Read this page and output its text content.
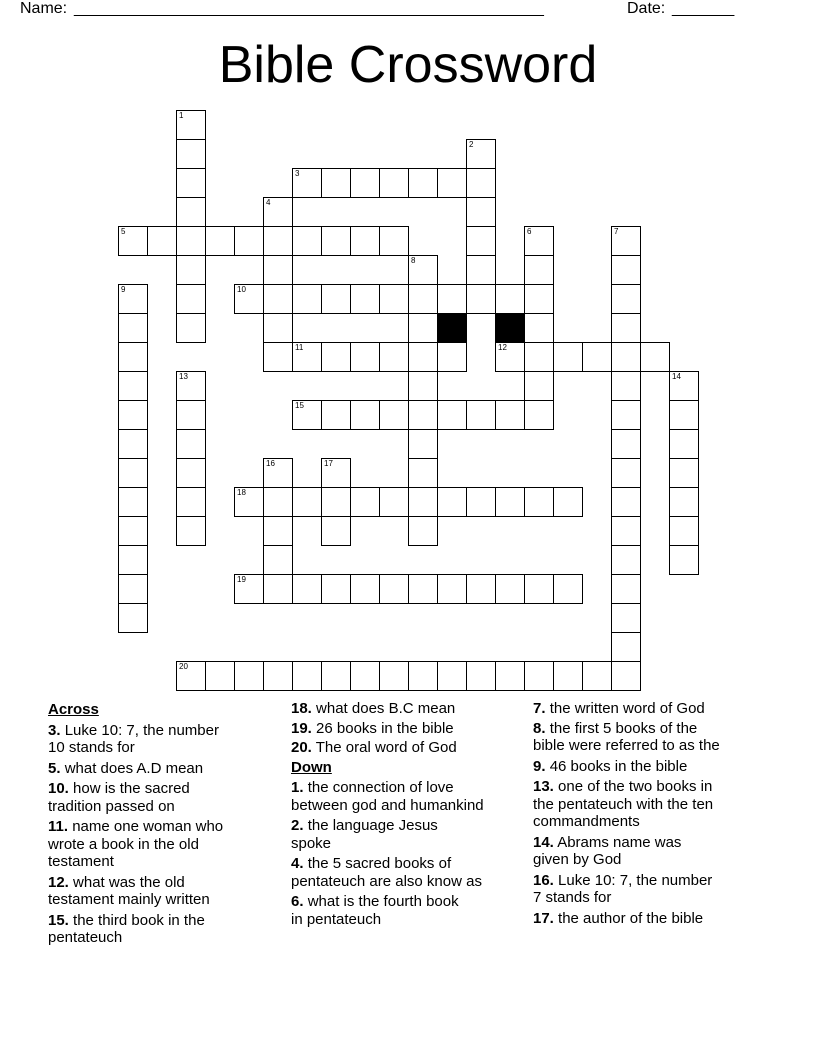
Name: ______________________________________________________	Date: _______
Bible Crossword
3
5
10
11	12
15
18
19
20
1
2
4
6	7
8
9
13	14
16	17
Across
3. Luke 10: 7, the number
10 stands for
5. what does A.D mean
10. how is the sacred
tradition passed on
11. name one woman who
wrote a book in the old
testament
12. what was the old
testament mainly written
15. the third book in the
pentateuch
18. what does B.C mean
19. 26 books in the bible
20. The oral word of God
Down
1. the connection of love
between god and humankind
2. the language Jesus
spoke
4. the 5 sacred books of
pentateuch are also know as
6. what is the fourth book
in pentateuch
7. the written word of God
8. the first 5 books of the
bible were referred to as the
9. 46 books in the bible
13. one of the two books in
the pentateuch with the ten
commandments
14. Abrams name was
given by God
16. Luke 10: 7, the number
7 stands for
17. the author of the bible
